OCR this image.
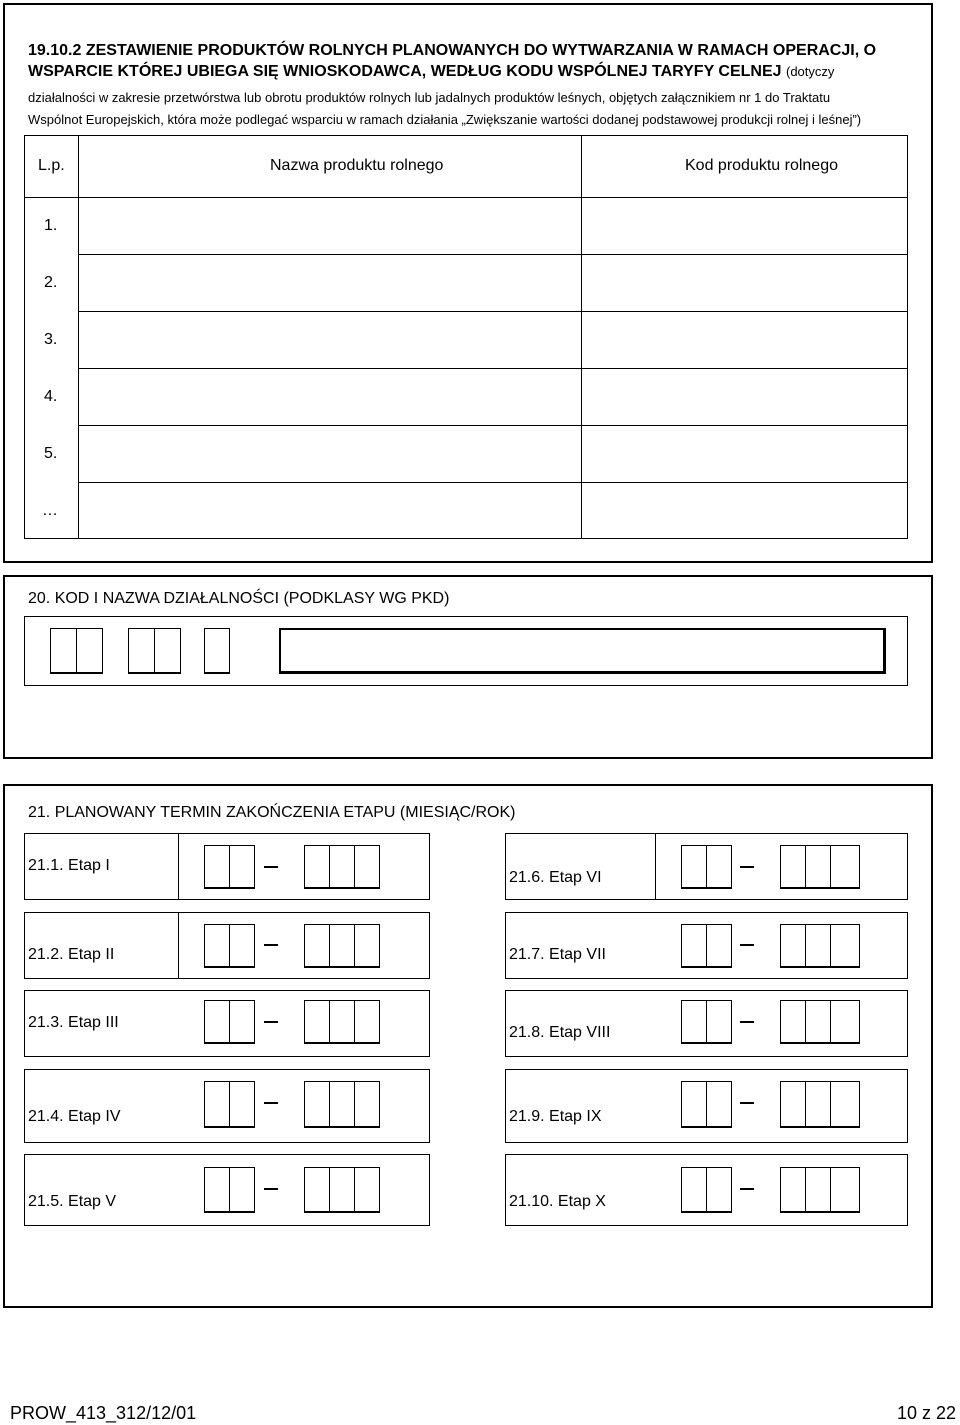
19.10.2 ZESTAWIENIE PRODUKTÓW ROLNYCH PLANOWANYCH DO WYTWARZANIA W RAMACH OPERACJI, O WSPARCIE KTÓREJ UBIEGA SIĘ WNIOSKODAWCA, WEDŁUG KODU WSPÓLNEJ TARYFY CELNEJ (dotyczy
działalności w zakresie przetwórstwa lub obrotu produktów rolnych lub jadalnych produktów leśnych, objętych załącznikiem nr 1 do Traktatu
Wspólnot Europejskich, która może podlegać wsparciu w ramach działania „Zwiększanie wartości dodanej podstawowej produkcji rolnej i leśnej”)
L.p.	Nazwa produktu rolnego	Kod produktu rolnego
1.
2.
3.
4.
5.
…
20. KOD I NAZWA DZIAŁALNOŚCI (PODKLASY WG PKD)
21. PLANOWANY TERMIN ZAKOŃCZENIA ETAPU (MIESIĄC/ROK)
21.1. Etap I
21.2. Etap II
21.3. Etap III
21.4. Etap IV
21.5. Etap V
21.6. Etap VI
21.7. Etap VII
21.8. Etap VIII
21.9. Etap IX
21.10. Etap X
PROW_413_312/12/01	10 z 22
